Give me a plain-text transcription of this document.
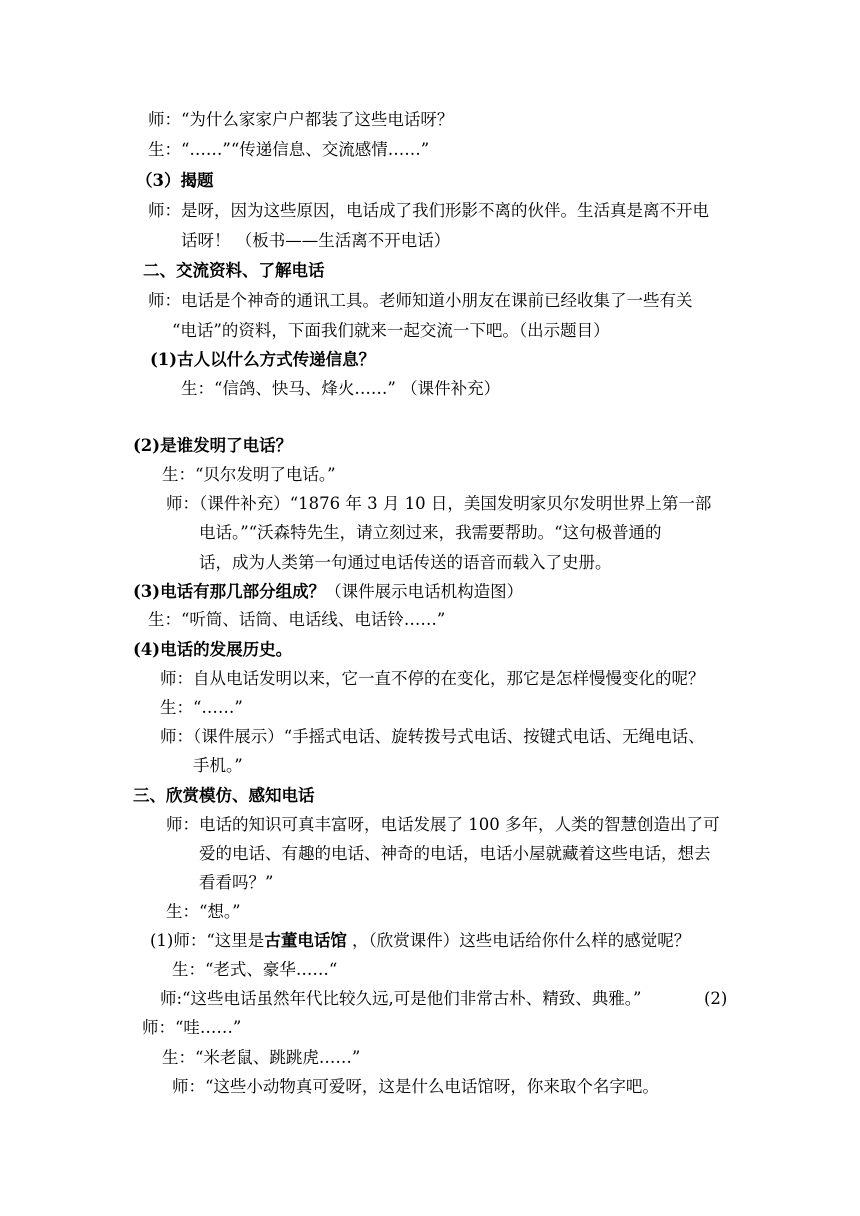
师：“为什么家家户户都装了这些电话呀？
生：“……”“传递信息、交流感情……”
（3）揭题
师：是呀，因为这些原因，电话成了我们形影不离的伙伴。生活真是离不开电
话呀！ （板书——生活离不开电话）
二、交流资料、了解电话
师：电话是个神奇的通讯工具。老师知道小朋友在课前已经收集了一些有关
“电话”的资料，下面我们就来一起交流一下吧。（出示题目）
(1)古人以什么方式传递信息？
生：“信鸽、快马、烽火……” （课件补充）
(2)是谁发明了电话？
生：“贝尔发明了电话。”
师：（课件补充）“1876 年 3 月 10 日，美国发明家贝尔发明世界上第一部
电话。”“沃森特先生，请立刻过来，我需要帮助。“这句极普通的
话，成为人类第一句通过电话传送的语音而载入了史册。
(3)电话有那几部分组成？（课件展示电话机构造图）
生：“听筒、话筒、电话线、电话铃……”
(4)电话的发展历史。
师：自从电话发明以来，它一直不停的在变化，那它是怎样慢慢变化的呢？
生：“……”
师：（课件展示）“手摇式电话、旋转拨号式电话、按键式电话、无绳电话、
手机。”
三、欣赏模仿、感知电话
师：电话的知识可真丰富呀，电话发展了 100 多年，人类的智慧创造出了可
爱的电话、有趣的电话、神奇的电话，电话小屋就藏着这些电话，想去
看看吗？”
生：“想。”
(1)师：“这里是古董电话馆 ，（欣赏课件）这些电话给你什么样的感觉呢？
生：“老式、豪华……“
师:“这些电话虽然年代比较久远,可是他们非常古朴、精致、典雅。”	(2)
师：“哇……”
生：“米老鼠、跳跳虎……”
师：“这些小动物真可爱呀，这是什么电话馆呀，你来取个名字吧。
